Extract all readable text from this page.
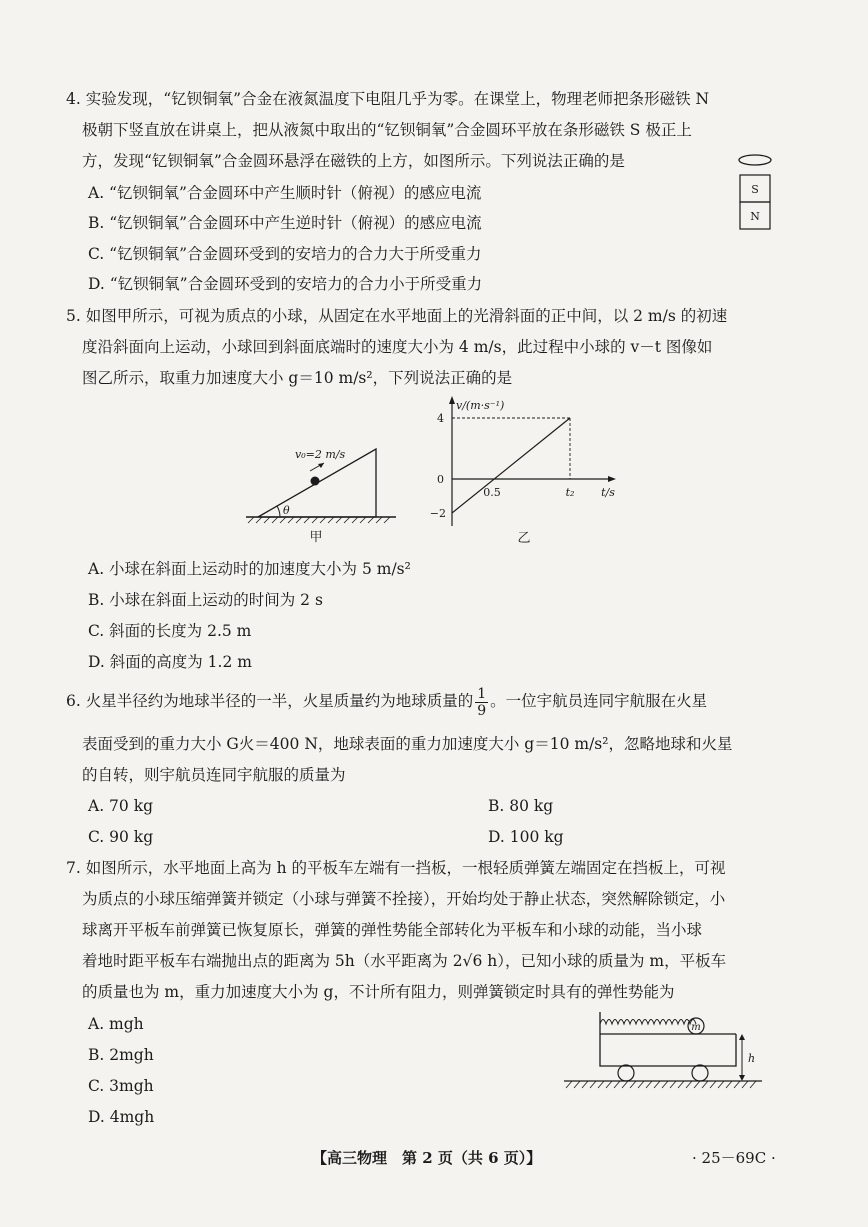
4. 实验发现，“钇钡铜氧”合金在液氮温度下电阻几乎为零。在课堂上，物理老师把条形磁铁 N
极朝下竖直放在讲桌上，把从液氮中取出的“钇钡铜氧”合金圆环平放在条形磁铁 S 极正上
方，发现“钇钡铜氧”合金圆环悬浮在磁铁的上方，如图所示。下列说法正确的是
A. “钇钡铜氧”合金圆环中产生顺时针（俯视）的感应电流
B. “钇钡铜氧”合金圆环中产生逆时针（俯视）的感应电流
C. “钇钡铜氧”合金圆环受到的安培力的合力大于所受重力
D. “钇钡铜氧”合金圆环受到的安培力的合力小于所受重力
S
N
5. 如图甲所示，可视为质点的小球，从固定在水平地面上的光滑斜面的正中间，以 2 m/s 的初速
度沿斜面向上运动，小球回到斜面底端时的速度大小为 4 m/s，此过程中小球的 v－t 图像如
图乙所示，取重力加速度大小 g＝10 m/s²，下列说法正确的是
θ
v₀=2 m/s
甲
v/(m·s⁻¹)
4
0
−2
0.5	t₂ t/s
乙
A. 小球在斜面上运动时的加速度大小为 5 m/s²
B. 小球在斜面上运动的时间为 2 s
C. 斜面的长度为 2.5 m
D. 斜面的高度为 1.2 m
6. 火星半径约为地球半径的一半，火星质量约为地球质量的 $\frac{1}{9}$ 。一位宇航员连同宇航服在火星
表面受到的重力大小 G火＝400 N，地球表面的重力加速度大小 g＝10 m/s²，忽略地球和火星
的自转，则宇航员连同宇航服的质量为
A. 70 kg	B. 80 kg
C. 90 kg	D. 100 kg
7. 如图所示，水平地面上高为 h 的平板车左端有一挡板，一根轻质弹簧左端固定在挡板上，可视
为质点的小球压缩弹簧并锁定（小球与弹簧不拴接），开始均处于静止状态，突然解除锁定，小
球离开平板车前弹簧已恢复原长，弹簧的弹性势能全部转化为平板车和小球的动能，当小球
着地时距平板车右端抛出点的距离为 5h（水平距离为 2√6 h），已知小球的质量为 m，平板车
的质量也为 m，重力加速度大小为 g，不计所有阻力，则弹簧锁定时具有的弹性势能为
A. mgh
B. 2mgh
C. 3mgh
D. 4mgh
m
h
【高三物理　第 2 页（共 6 页）】	· 25－69C ·
